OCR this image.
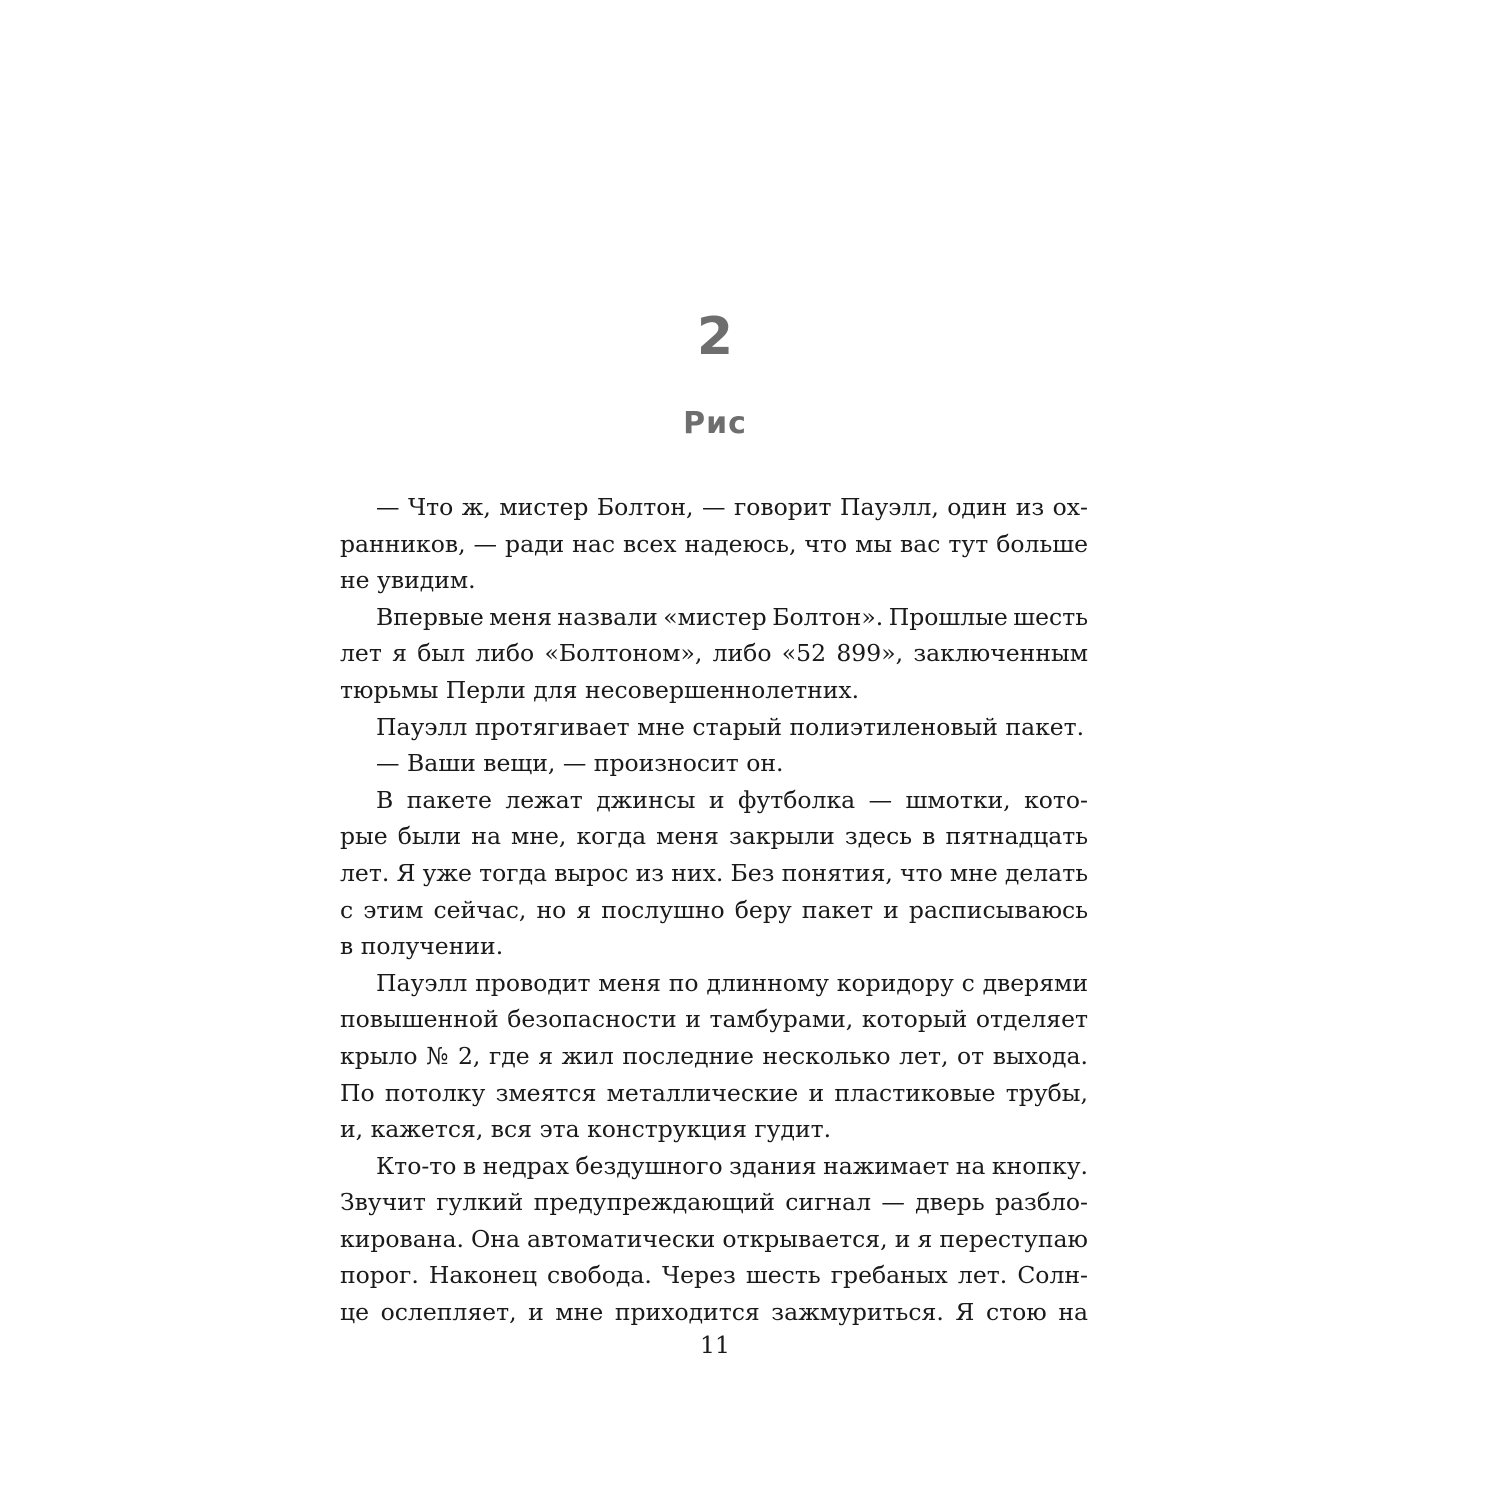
2
Рис
— Что ж, мистер Болтон, — говорит Пауэлл, один из ох-
ранников, — ради нас всех надеюсь, что мы вас тут больше
не увидим.
Впервые меня назвали «мистер Болтон». Прошлые шесть
лет я был либо «Болтоном», либо «52 899», заключенным
тюрьмы Перли для несовершеннолетних.
Пауэлл протягивает мне старый полиэтиленовый пакет.
— Ваши вещи, — произносит он.
В пакете лежат джинсы и футболка — шмотки, кото-
рые были на мне, когда меня закрыли здесь в пятнадцать
лет. Я уже тогда вырос из них. Без понятия, что мне делать
с этим сейчас, но я послушно беру пакет и расписываюсь
в получении.
Пауэлл проводит меня по длинному коридору с дверями
повышенной безопасности и тамбурами, который отделяет
крыло № 2, где я жил последние несколько лет, от выхода.
По потолку змеятся металлические и пластиковые трубы,
и, кажется, вся эта конструкция гудит.
Кто-то в недрах бездушного здания нажимает на кнопку.
Звучит гулкий предупреждающий сигнал — дверь разбло-
кирована. Она автоматически открывается, и я переступаю
порог. Наконец свобода. Через шесть гребаных лет. Солн-
це ослепляет, и мне приходится зажмуриться. Я стою на
11
